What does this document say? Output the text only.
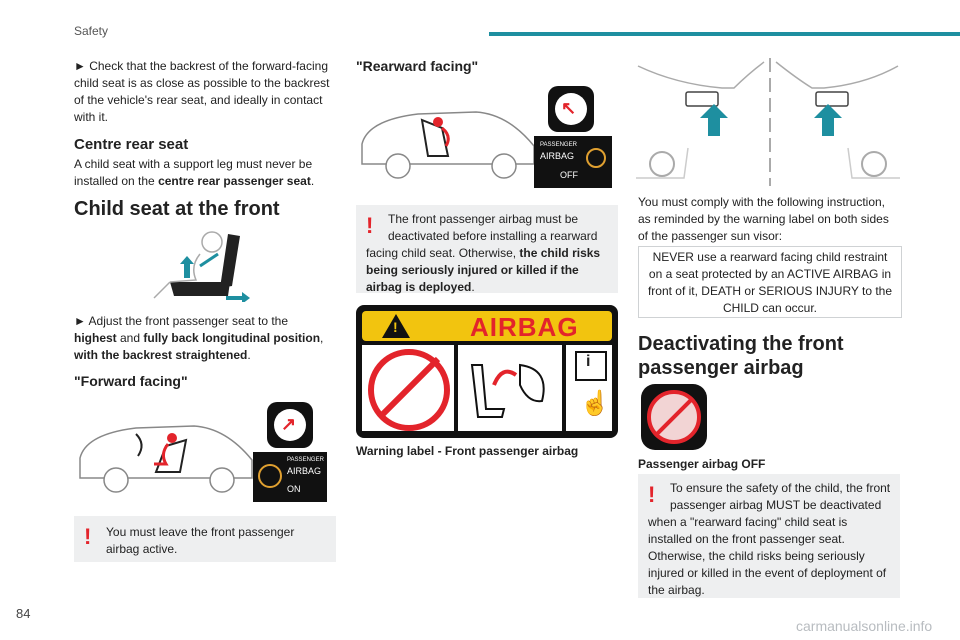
Safety

► Check that the backrest of the forward-facing

child seat is as close as possible to the backrest

of the vehicle's rear seat, and ideally in contact

with it.

Centre rear seat

A child seat with a support leg must never be

installed on the centre rear passenger seat.

Child seat at the front

► Adjust the front passenger seat to the

highest and fully back longitudinal position,

with the backrest straightened.

"Forward facing"
↗
PASSENGER
AIRBAG
ON
! You must leave the front passenger
airbag active.
"Rearward facing"
↖
PASSENGER
AIRBAG
OFF
! The front passenger airbag must be
deactivated before installing a rearward
facing child seat. Otherwise, the child risks
being seriously injured or killed if the
airbag is deployed.
!	AIRBAG
i
☝
Warning label - Front passenger airbag

You must comply with the following instruction,

as reminded by the warning label on both sides

of the passenger sun visor:

NEVER use a rearward facing child restraint
on a seat protected by an ACTIVE AIRBAG in
front of it, DEATH or SERIOUS INJURY to the
CHILD can occur.
Deactivating the front
passenger airbag
Passenger airbag OFF
! To ensure the safety of the child, the front
passenger airbag MUST be deactivated
when a "rearward facing" child seat is
installed on the front passenger seat.
Otherwise, the child risks being seriously
injured or killed in the event of deployment of
the airbag.
84
carmanualsonline.info
